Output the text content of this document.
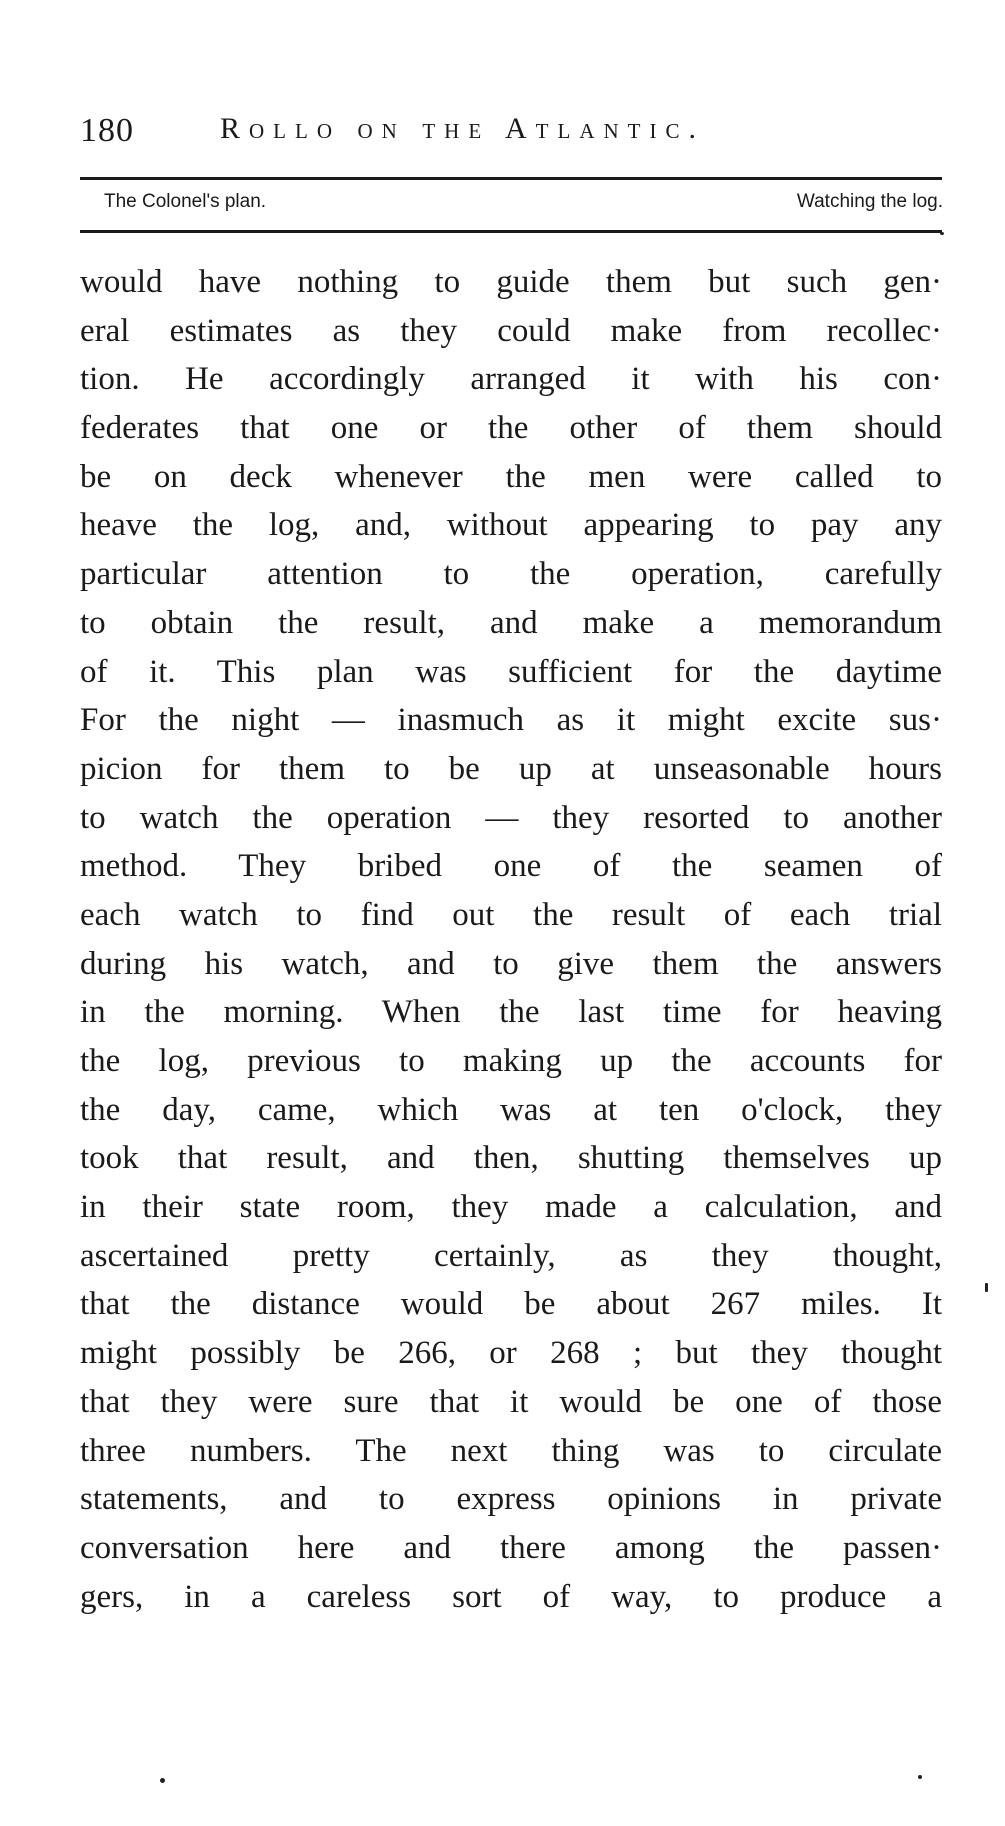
180	Rollo on the Atlantic.
The Colonel's plan.	Watching the log.
would have nothing to guide them but such gen·
eral estimates as they could make from recollec·
tion. He accordingly arranged it with his con·
federates that one or the other of them should
be on deck whenever the men were called to
heave the log, and, without appearing to pay any
particular attention to the operation, carefully
to obtain the result, and make a memorandum
of it. This plan was sufficient for the daytime
For the night — inasmuch as it might excite sus·
picion for them to be up at unseasonable hours
to watch the operation — they resorted to another
method. They bribed one of the seamen of
each watch to find out the result of each trial
during his watch, and to give them the answers
in the morning. When the last time for heaving
the log, previous to making up the accounts for
the day, came, which was at ten o'clock, they
took that result, and then, shutting themselves up
in their state room, they made a calculation, and
ascertained pretty certainly, as they thought,
that the distance would be about 267 miles. It
might possibly be 266, or 268 ; but they thought
that they were sure that it would be one of those
three numbers. The next thing was to circulate
statements, and to express opinions in private
conversation here and there among the passen·
gers, in a careless sort of way, to produce a
